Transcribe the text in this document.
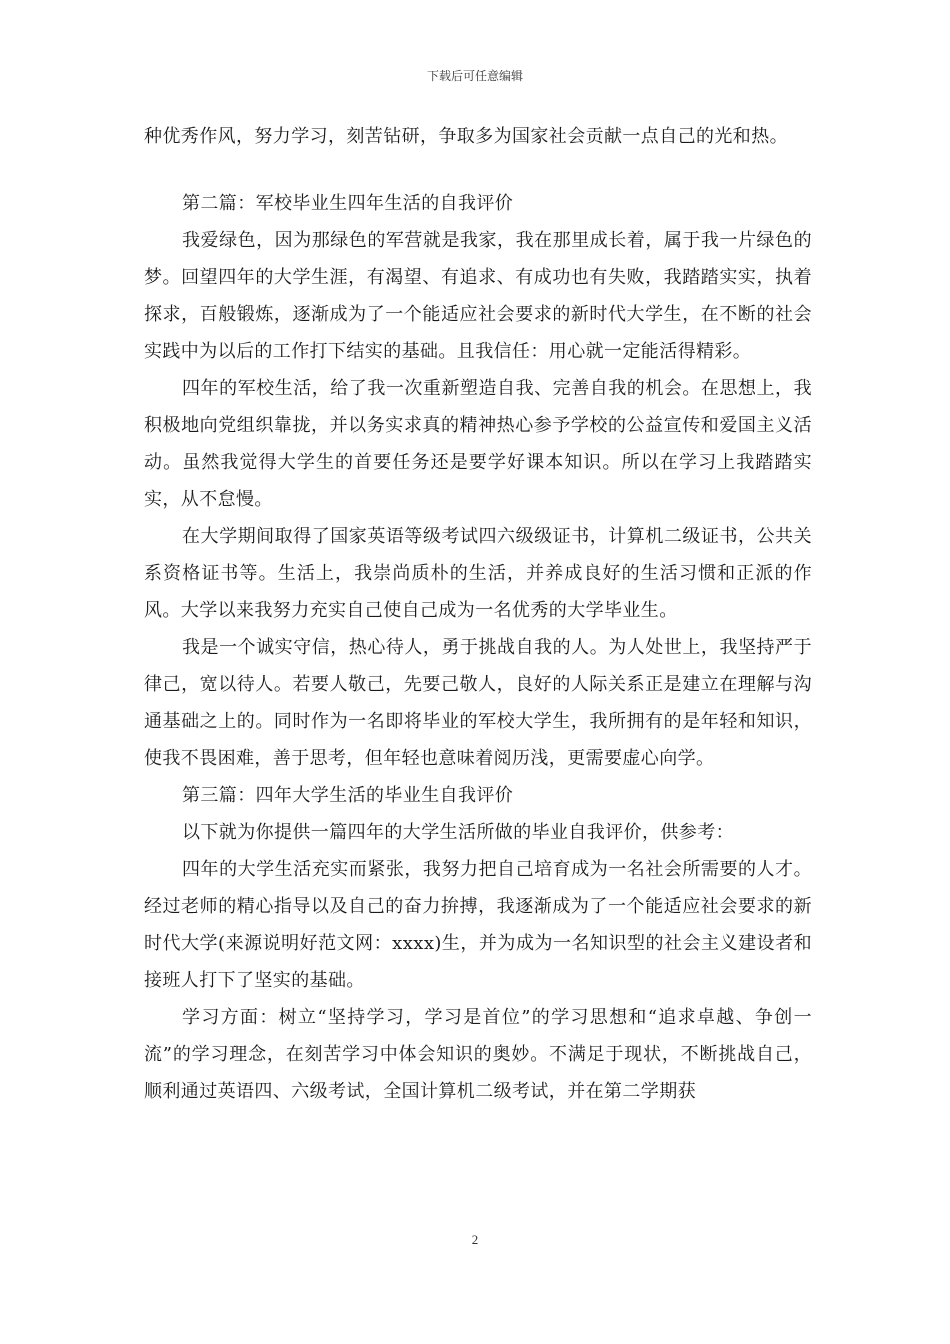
下载后可任意编辑

种优秀作风，努力学习，刻苦钻研，争取多为国家社会贡献一点自己的光和热。

第二篇：军校毕业生四年生活的自我评价

我爱绿色，因为那绿色的军营就是我家，我在那里成长着，属于我一片绿色的梦。回望四年的大学生涯，有渴望、有追求、有成功也有失败，我踏踏实实，执着探求，百般锻炼，逐渐成为了一个能适应社会要求的新时代大学生，在不断的社会实践中为以后的工作打下结实的基础。且我信任：用心就一定能活得精彩。

四年的军校生活，给了我一次重新塑造自我、完善自我的机会。在思想上，我积极地向党组织靠拢，并以务实求真的精神热心参予学校的公益宣传和爱国主义活动。虽然我觉得大学生的首要任务还是要学好课本知识。所以在学习上我踏踏实实，从不怠慢。

在大学期间取得了国家英语等级考试四六级级证书，计算机二级证书，公共关系资格证书等。生活上，我崇尚质朴的生活，并养成良好的生活习惯和正派的作风。大学以来我努力充实自己使自己成为一名优秀的大学毕业生。

我是一个诚实守信，热心待人，勇于挑战自我的人。为人处世上，我坚持严于律己，宽以待人。若要人敬己，先要己敬人，良好的人际关系正是建立在理解与沟通基础之上的。同时作为一名即将毕业的军校大学生，我所拥有的是年轻和知识，使我不畏困难，善于思考，但年轻也意味着阅历浅，更需要虚心向学。

第三篇：四年大学生活的毕业生自我评价

以下就为你提供一篇四年的大学生活所做的毕业自我评价，供参考：

四年的大学生活充实而紧张，我努力把自己培育成为一名社会所需要的人才。经过老师的精心指导以及自己的奋力拚搏，我逐渐成为了一个能适应社会要求的新时代大学(来源说明好范文网：xxxx)生，并为成为一名知识型的社会主义建设者和接班人打下了坚实的基础。

学习方面：树立“坚持学习，学习是首位”的学习思想和“追求卓越、争创一流”的学习理念，在刻苦学习中体会知识的奥妙。不满足于现状，不断挑战自己，顺利通过英语四、六级考试，全国计算机二级考试，并在第二学期获

2
